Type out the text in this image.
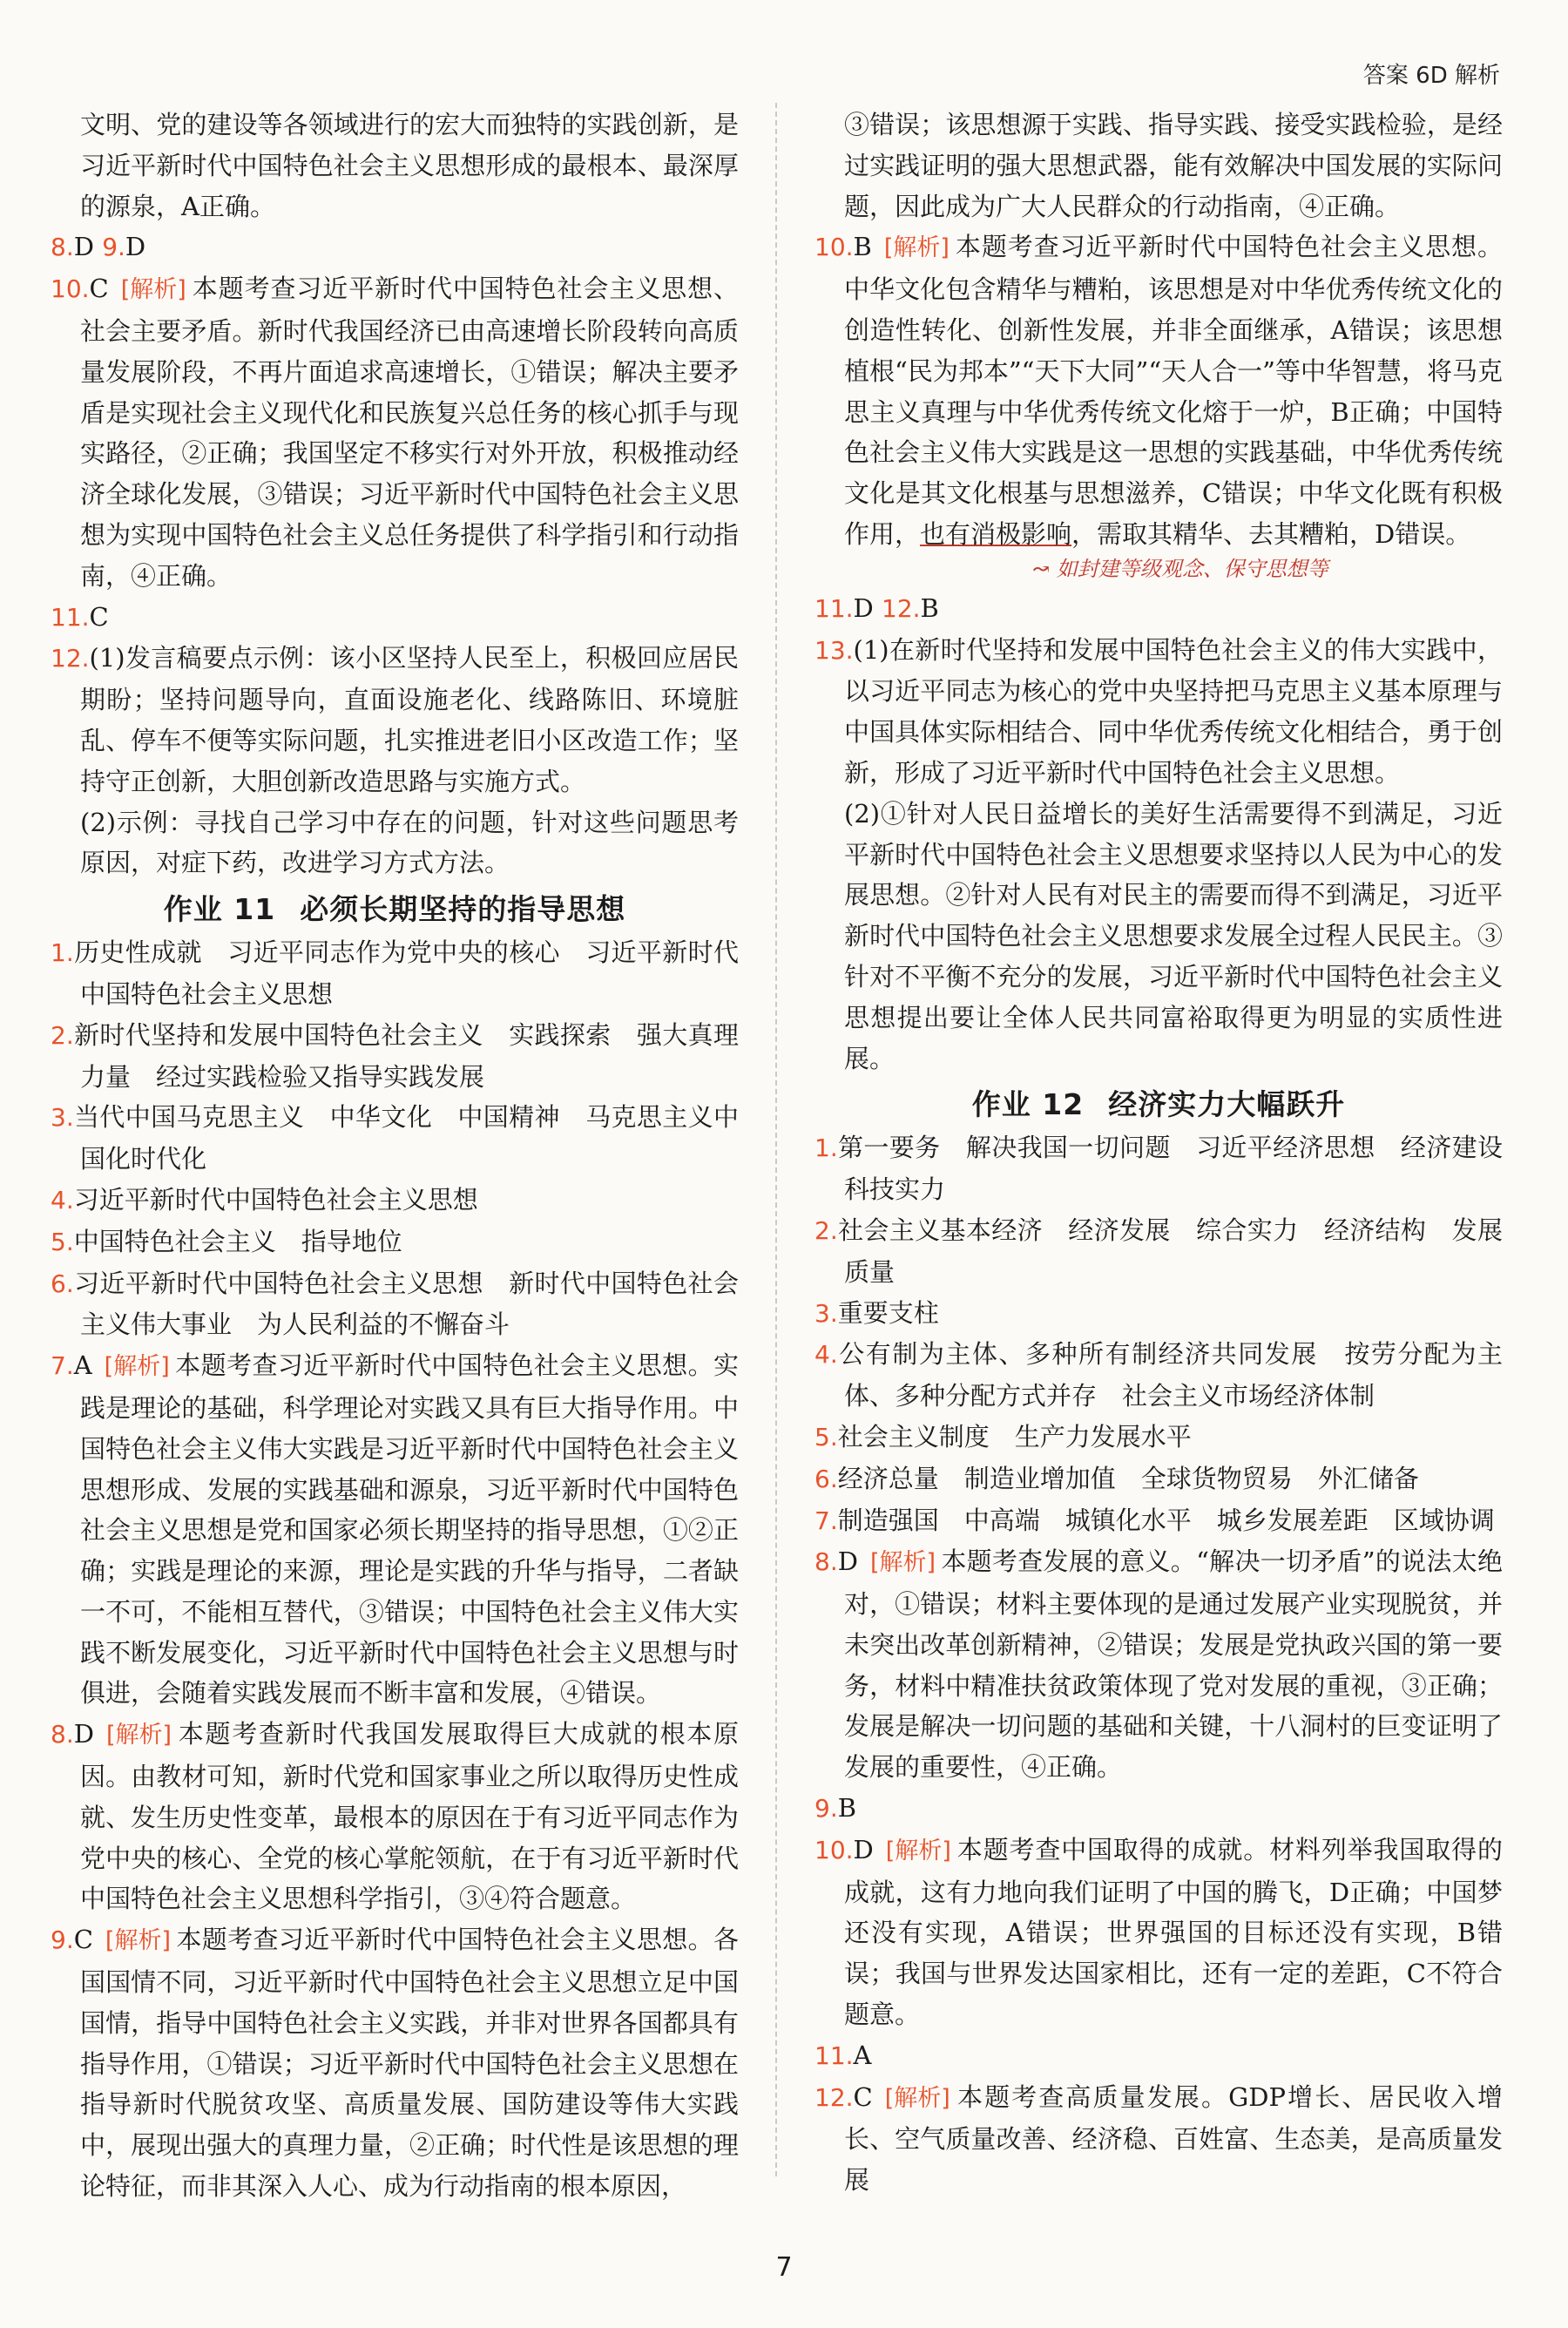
答案 6D 解析

文明、党的建设等各领域进行的宏大而独特的实践创新，是习近平新时代中国特色社会主义思想形成的最根本、最深厚的源泉，A正确。

8.D 9.D

10.C [ 解析 ] 本题考查习近平新时代中国特色社会主义思想、社会主要矛盾。新时代我国经济已由高速增长阶段转向高质量发展阶段，不再片面追求高速增长，①错误；解决主要矛盾是实现社会主义现代化和民族复兴总任务的核心抓手与现实路径，②正确；我国坚定不移实行对外开放，积极推动经济全球化发展，③错误；习近平新时代中国特色社会主义思想为实现中国特色社会主义总任务提供了科学指引和行动指南，④正确。

11.C

12.(1)发言稿要点示例：该小区坚持人民至上，积极回应居民期盼；坚持问题导向，直面设施老化、线路陈旧、环境脏乱、停车不便等实际问题，扎实推进老旧小区改造工作；坚持守正创新，大胆创新改造思路与实施方式。

(2)示例：寻找自己学习中存在的问题，针对这些问题思考原因，对症下药，改进学习方式方法。

作业 11 必须长期坚持的指导思想

1.历史性成就　习近平同志作为党中央的核心　习近平新时代中国特色社会主义思想

2.新时代坚持和发展中国特色社会主义　实践探索　强大真理力量　经过实践检验又指导实践发展

3.当代中国马克思主义　中华文化　中国精神　马克思主义中国化时代化

4.习近平新时代中国特色社会主义思想

5.中国特色社会主义　指导地位

6.习近平新时代中国特色社会主义思想　新时代中国特色社会主义伟大事业　为人民利益的不懈奋斗

7.A [ 解析 ] 本题考查习近平新时代中国特色社会主义思想。实践是理论的基础，科学理论对实践又具有巨大指导作用。中国特色社会主义伟大实践是习近平新时代中国特色社会主义思想形成、发展的实践基础和源泉，习近平新时代中国特色社会主义思想是党和国家必须长期坚持的指导思想，①②正确；实践是理论的来源，理论是实践的升华与指导，二者缺一不可，不能相互替代，③错误；中国特色社会主义伟大实践不断发展变化，习近平新时代中国特色社会主义思想与时俱进，会随着实践发展而不断丰富和发展，④错误。

8.D [ 解析 ] 本题考查新时代我国发展取得巨大成就的根本原因。由教材可知，新时代党和国家事业之所以取得历史性成就、发生历史性变革，最根本的原因在于有习近平同志作为党中央的核心、全党的核心掌舵领航，在于有习近平新时代中国特色社会主义思想科学指引，③④符合题意。

9.C [ 解析 ] 本题考查习近平新时代中国特色社会主义思想。各国国情不同，习近平新时代中国特色社会主义思想立足中国国情，指导中国特色社会主义实践，并非对世界各国都具有指导作用，①错误；习近平新时代中国特色社会主义思想在指导新时代脱贫攻坚、高质量发展、国防建设等伟大实践中，展现出强大的真理力量，②正确；时代性是该思想的理论特征，而非其深入人心、成为行动指南的根本原因，

③错误；该思想源于实践、指导实践、接受实践检验，是经过实践证明的强大思想武器，能有效解决中国发展的实际问题，因此成为广大人民群众的行动指南，④正确。

10.B [ 解析 ] 本题考查习近平新时代中国特色社会主义思想。中华文化包含精华与糟粕，该思想是对中华优秀传统文化的创造性转化、创新性发展，并非全面继承，A错误；该思想植根“民为邦本”“天下大同”“天人合一”等中华智慧，将马克思主义真理与中华优秀传统文化熔于一炉，B正确；中国特色社会主义伟大实践是这一思想的实践基础，中华优秀传统文化是其文化根基与思想滋养，C错误；中华文化既有积极作用，也有消极影响，需取其精华、去其糟粕，D错误。

↝ 如封建等级观念、保守思想等

11.D 12.B

13.(1)在新时代坚持和发展中国特色社会主义的伟大实践中，以习近平同志为核心的党中央坚持把马克思主义基本原理与中国具体实际相结合、同中华优秀传统文化相结合，勇于创新，形成了习近平新时代中国特色社会主义思想。

(2)①针对人民日益增长的美好生活需要得不到满足，习近平新时代中国特色社会主义思想要求坚持以人民为中心的发展思想。②针对人民有对民主的需要而得不到满足，习近平新时代中国特色社会主义思想要求发展全过程人民民主。③针对不平衡不充分的发展，习近平新时代中国特色社会主义思想提出要让全体人民共同富裕取得更为明显的实质性进展。

作业 12 经济实力大幅跃升

1.第一要务　解决我国一切问题　习近平经济思想　经济建设　科技实力

2.社会主义基本经济　经济发展　综合实力　经济结构　发展质量

3.重要支柱

4.公有制为主体、多种所有制经济共同发展　按劳分配为主体、多种分配方式并存　社会主义市场经济体制

5.社会主义制度　生产力发展水平

6.经济总量　制造业增加值　全球货物贸易　外汇储备

7.制造强国　中高端　城镇化水平　城乡发展差距　区域协调

8.D [ 解析 ] 本题考查发展的意义。“解决一切矛盾”的说法太绝对，①错误；材料主要体现的是通过发展产业实现脱贫，并未突出改革创新精神，②错误；发展是党执政兴国的第一要务，材料中精准扶贫政策体现了党对发展的重视，③正确；发展是解决一切问题的基础和关键，十八洞村的巨变证明了发展的重要性，④正确。

9.B

10.D [ 解析 ] 本题考查中国取得的成就。材料列举我国取得的成就，这有力地向我们证明了中国的腾飞，D正确；中国梦还没有实现，A错误；世界强国的目标还没有实现，B错误；我国与世界发达国家相比，还有一定的差距，C不符合题意。

11.A

12.C [ 解析 ] 本题考查高质量发展。GDP增长、居民收入增长、空气质量改善、经济稳、百姓富、生态美，是高质量发展

7
